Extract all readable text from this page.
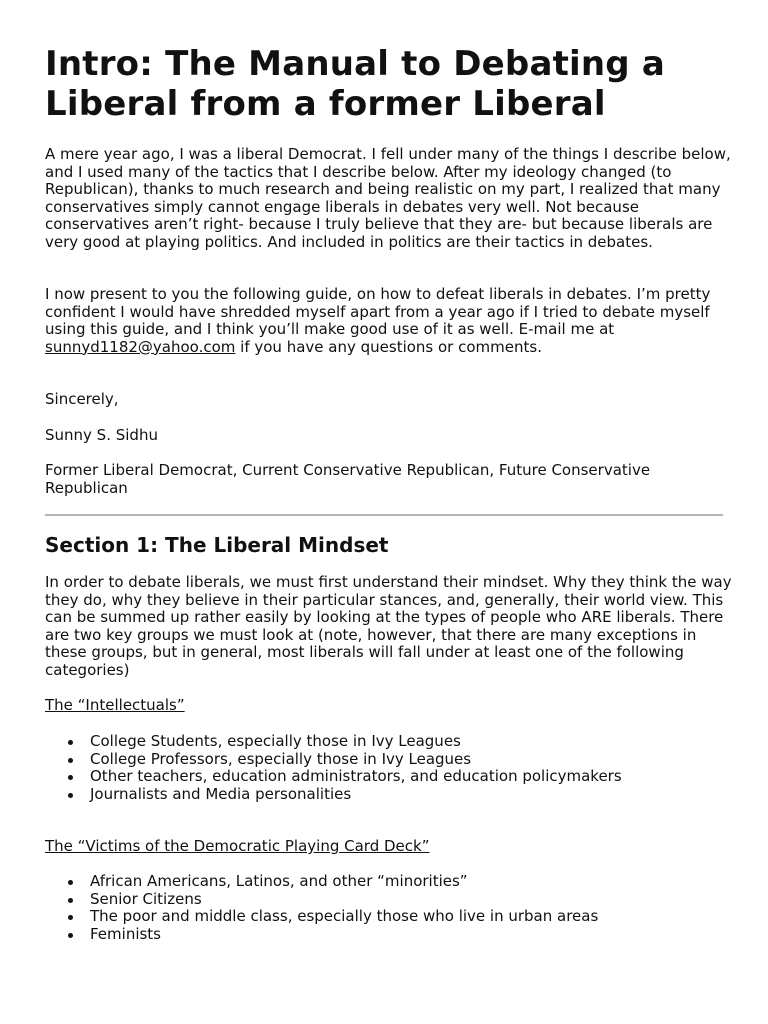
Intro: The Manual to Debating a Liberal from a former Liberal

A mere year ago, I was a liberal Democrat. I fell under many of the things I describe below, and I used many of the tactics that I describe below. After my ideology changed (to Republican), thanks to much research and being realistic on my part, I realized that many conservatives simply cannot engage liberals in debates very well. Not because conservatives aren’t right- because I truly believe that they are- but because liberals are very good at playing politics. And included in politics are their tactics in debates.

I now present to you the following guide, on how to defeat liberals in debates. I’m pretty confident I would have shredded myself apart from a year ago if I tried to debate myself using this guide, and I think you’ll make good use of it as well. E-mail me at sunnyd1182@yahoo.com if you have any questions or comments.

Sincerely,

Sunny S. Sidhu

Former Liberal Democrat, Current Conservative Republican, Future Conservative Republican

Section 1: The Liberal Mindset

In order to debate liberals, we must first understand their mindset. Why they think the way they do, why they believe in their particular stances, and, generally, their world view. This can be summed up rather easily by looking at the types of people who ARE liberals. There are two key groups we must look at (note, however, that there are many exceptions in these groups, but in general, most liberals will fall under at least one of the following categories)

The “Intellectuals”

College Students, especially those in Ivy Leagues
College Professors, especially those in Ivy Leagues
Other teachers, education administrators, and education policymakers
Journalists and Media personalities

The “Victims of the Democratic Playing Card Deck”

African Americans, Latinos, and other “minorities”
Senior Citizens
The poor and middle class, especially those who live in urban areas
Feminists
